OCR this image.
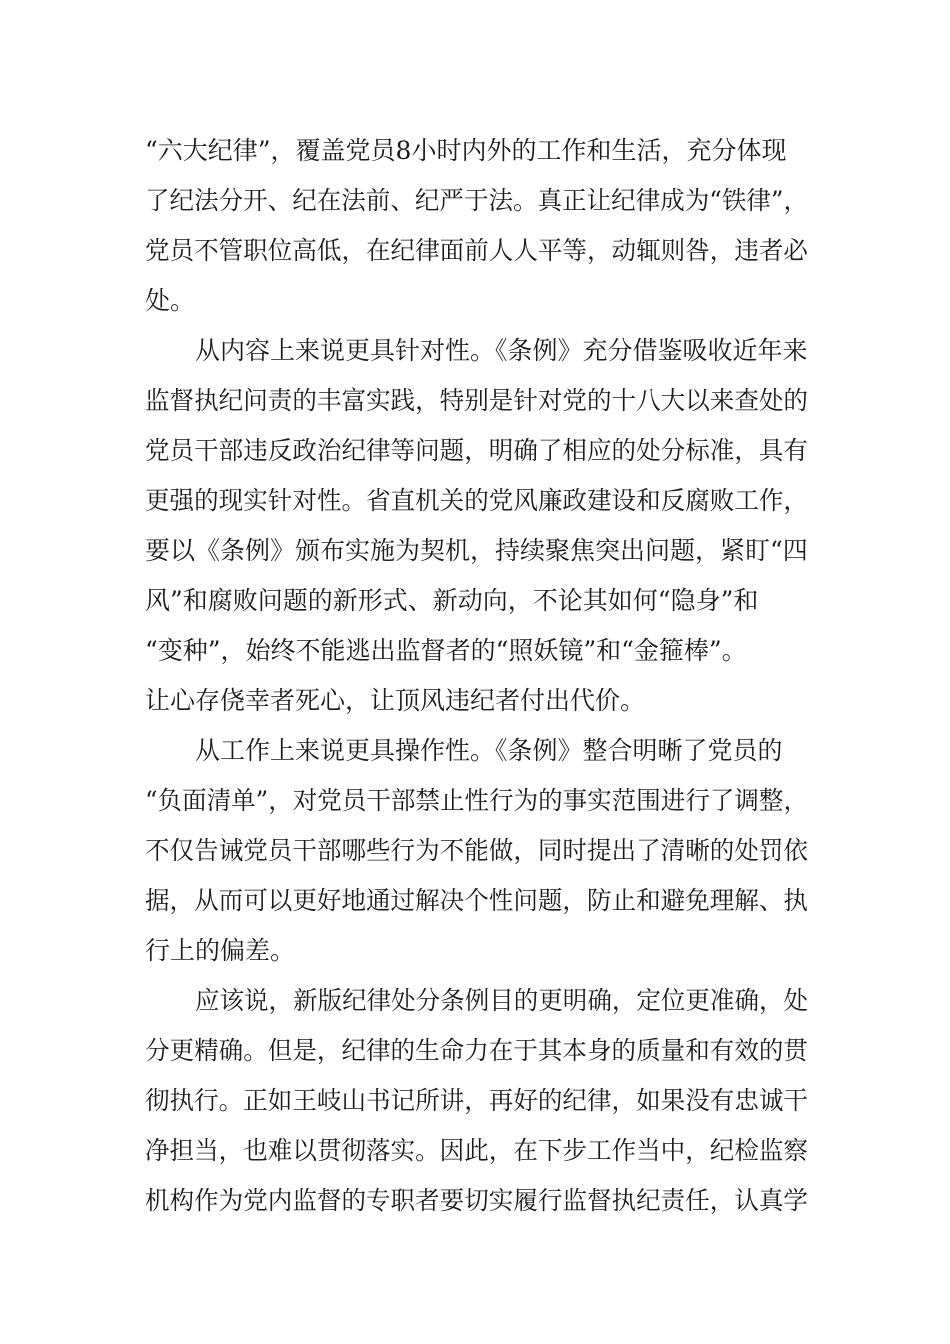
“六大纪律”，覆盖党员8小时内外的工作和生活，充分体现
了纪法分开、纪在法前、纪严于法。真正让纪律成为“铁律”，
党员不管职位高低，在纪律面前人人平等，动辄则咎，违者必
处。
从内容上来说更具针对性。《条例》充分借鉴吸收近年来
监督执纪问责的丰富实践，特别是针对党的十八大以来查处的
党员干部违反政治纪律等问题，明确了相应的处分标准，具有
更强的现实针对性。省直机关的党风廉政建设和反腐败工作，
要以《条例》颁布实施为契机，持续聚焦突出问题，紧盯“四
风”和腐败问题的新形式、新动向，不论其如何“隐身”和
“变种”，始终不能逃出监督者的“照妖镜”和“金箍棒”。
让心存侥幸者死心，让顶风违纪者付出代价。
从工作上来说更具操作性。《条例》整合明晰了党员的
“负面清单”，对党员干部禁止性行为的事实范围进行了调整，
不仅告诫党员干部哪些行为不能做，同时提出了清晰的处罚依
据，从而可以更好地通过解决个性问题，防止和避免理解、执
行上的偏差。
应该说，新版纪律处分条例目的更明确，定位更准确，处
分更精确。但是，纪律的生命力在于其本身的质量和有效的贯
彻执行。正如王岐山书记所讲，再好的纪律，如果没有忠诚干
净担当，也难以贯彻落实。因此，在下步工作当中，纪检监察
机构作为党内监督的专职者要切实履行监督执纪责任，认真学
